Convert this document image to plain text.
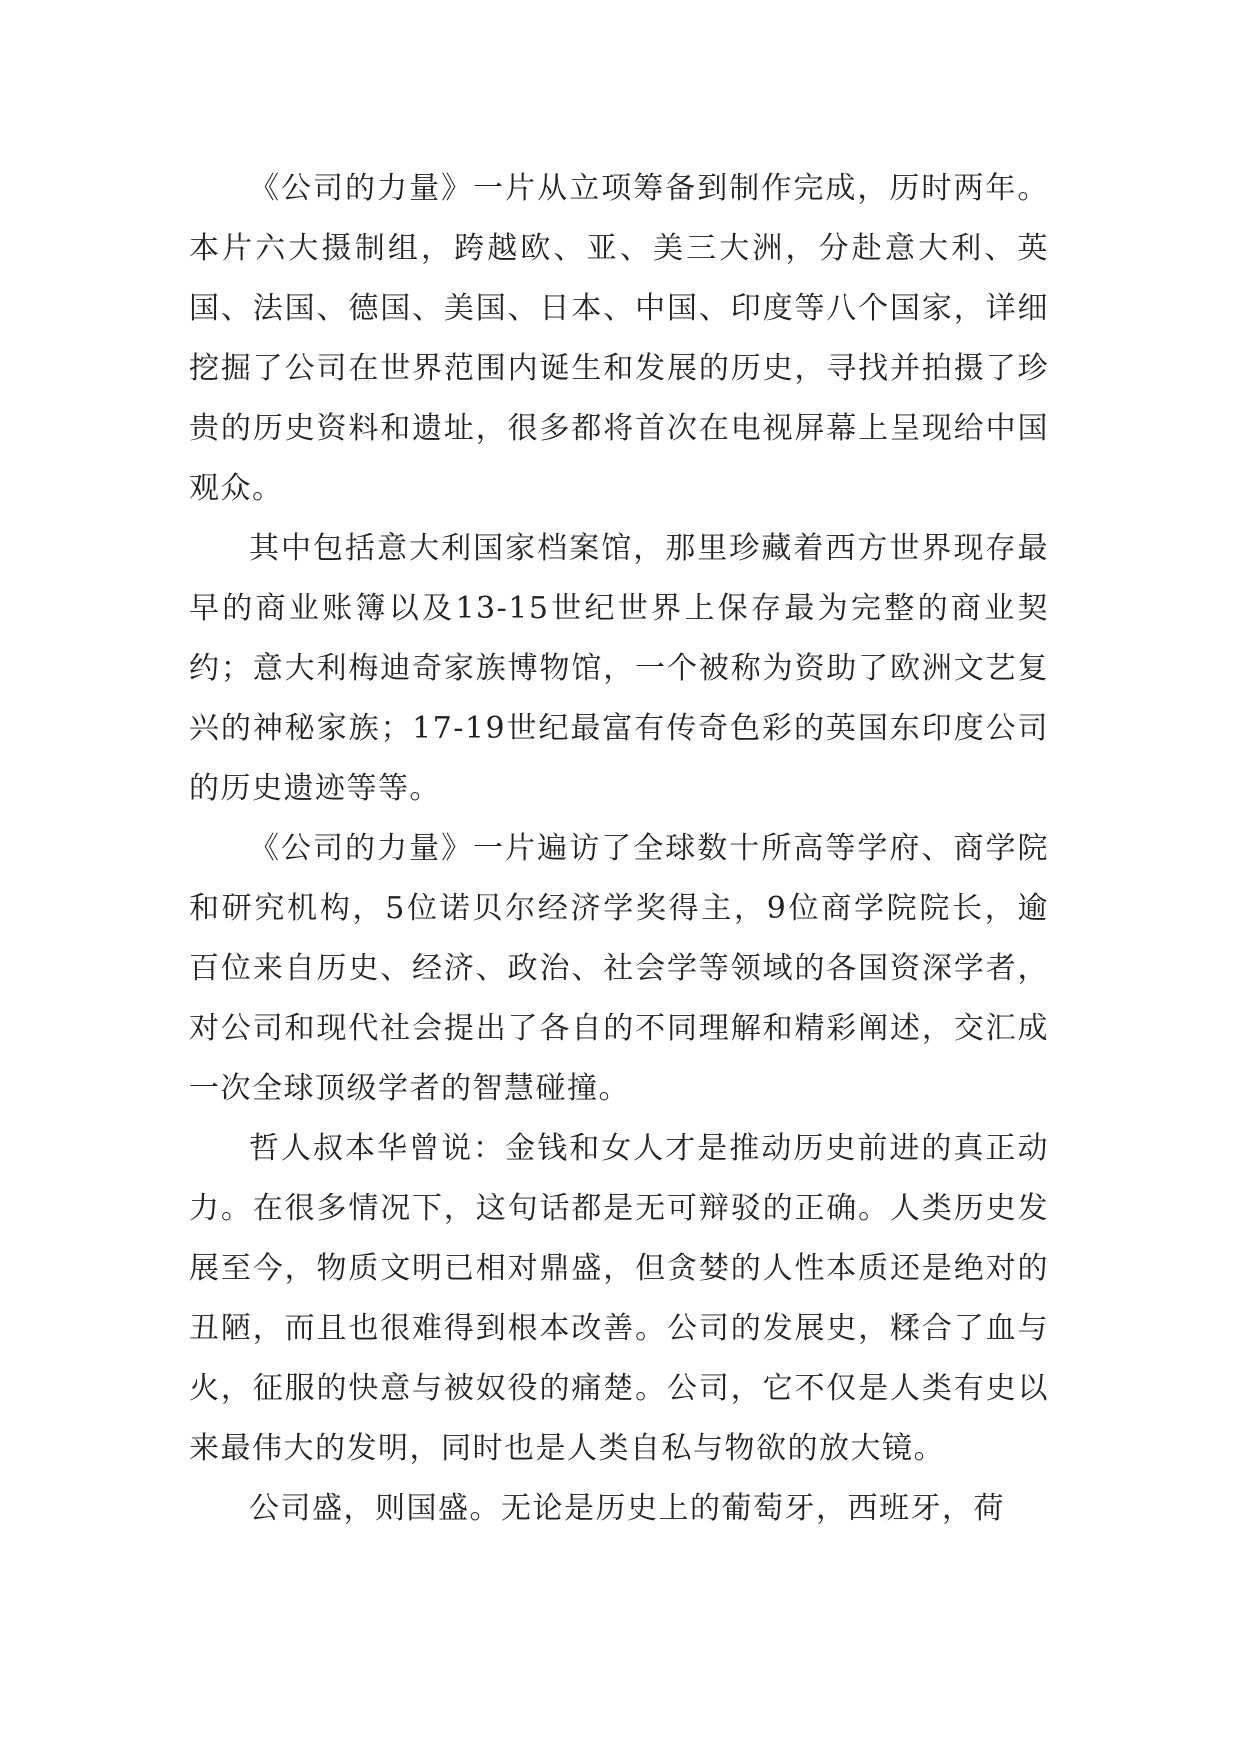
《公司的力量》一片从立项筹备到制作完成，历时两年。本片六大摄制组，跨越欧、亚、美三大洲，分赴意大利、英国、法国、德国、美国、日本、中国、印度等八个国家，详细挖掘了公司在世界范围内诞生和发展的历史，寻找并拍摄了珍贵的历史资料和遗址，很多都将首次在电视屏幕上呈现给中国观众。

其中包括意大利国家档案馆，那里珍藏着西方世界现存最早的商业账簿以及13-15世纪世界上保存最为完整的商业契约；意大利梅迪奇家族博物馆，一个被称为资助了欧洲文艺复兴的神秘家族；17-19世纪最富有传奇色彩的英国东印度公司的历史遗迹等等。

《公司的力量》一片遍访了全球数十所高等学府、商学院和研究机构，5位诺贝尔经济学奖得主，9位商学院院长，逾百位来自历史、经济、政治、社会学等领域的各国资深学者，对公司和现代社会提出了各自的不同理解和精彩阐述，交汇成一次全球顶级学者的智慧碰撞。

哲人叔本华曾说：金钱和女人才是推动历史前进的真正动力。在很多情况下，这句话都是无可辩驳的正确。人类历史发展至今，物质文明已相对鼎盛，但贪婪的人性本质还是绝对的丑陋，而且也很难得到根本改善。公司的发展史，糅合了血与火，征服的快意与被奴役的痛楚。公司，它不仅是人类有史以来最伟大的发明，同时也是人类自私与物欲的放大镜。

公司盛，则国盛。无论是历史上的葡萄牙，西班牙，荷
